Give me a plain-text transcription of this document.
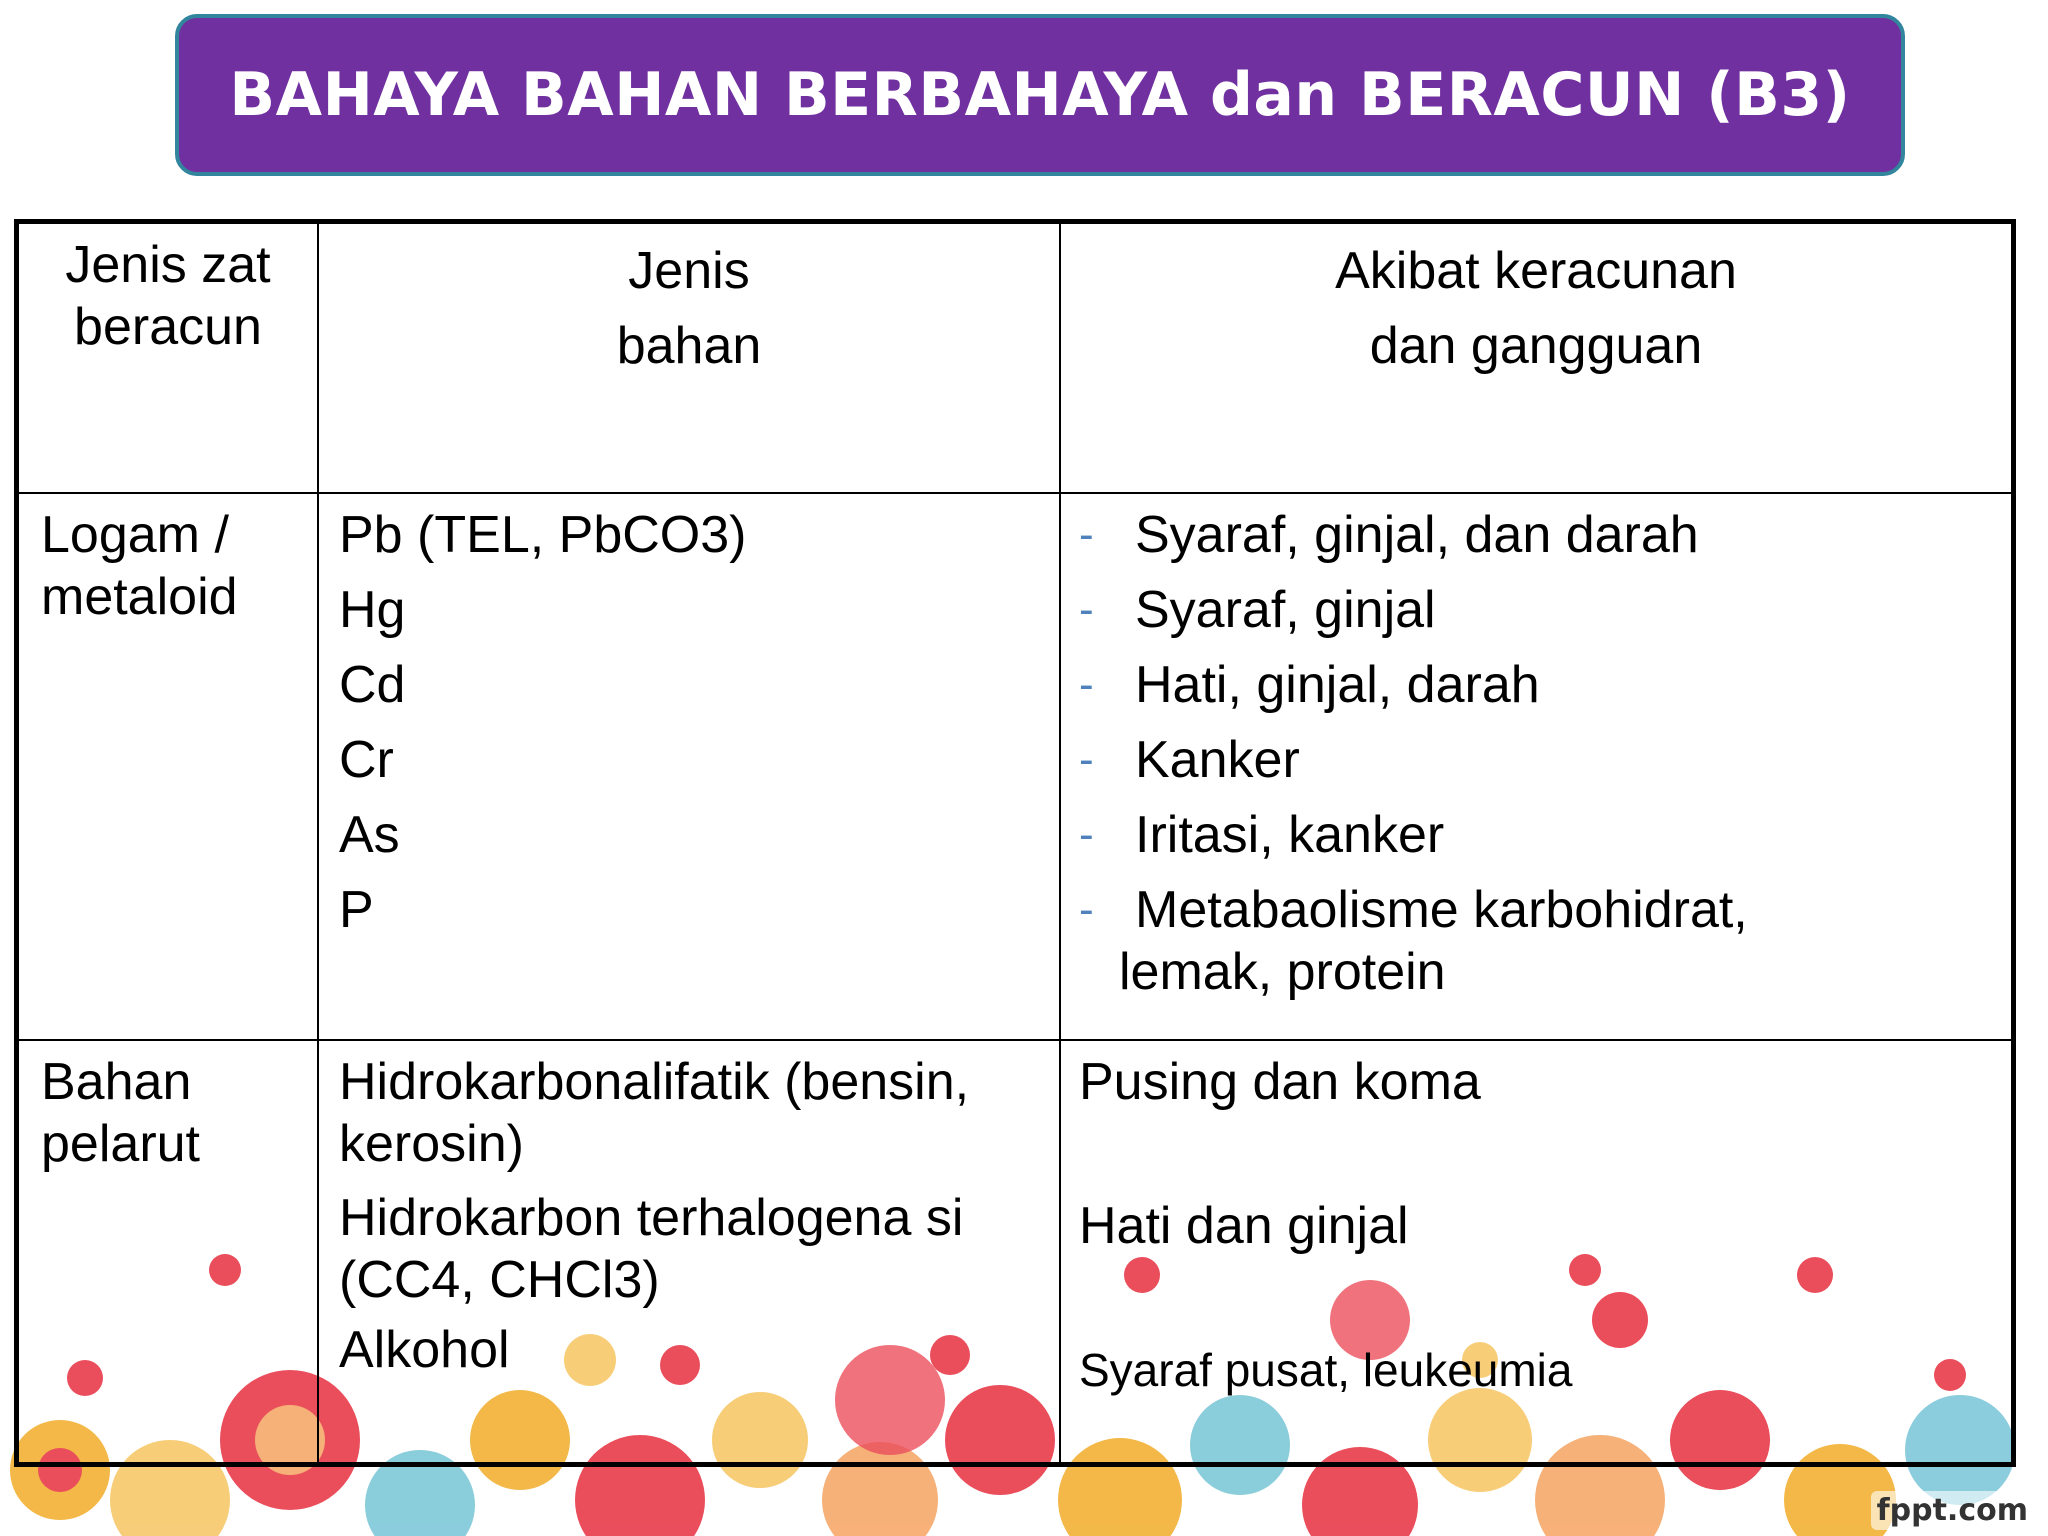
BAHAYA BAHAN BERBAHAYA dan BERACUN (B3)
Jenis zat
beracun
Jenis
bahan
Akibat keracunan
dan gangguan
Logam /
metaloid
Pb (TEL, PbCO3)
Hg
Cd
Cr
As
P
- Syaraf, ginjal, dan darah
- Syaraf, ginjal
- Hati, ginjal, darah
- Kanker
- Iritasi, kanker
- Metabaolisme karbohidrat,
lemak, protein
Bahan
pelarut
Hidrokarbonalifatik (bensin,
kerosin)
Hidrokarbon terhalogena si
(CC4, CHCl3)
Alkohol
Pusing dan koma
Hati dan ginjal
Syaraf pusat, leukeumia
fppt.com
